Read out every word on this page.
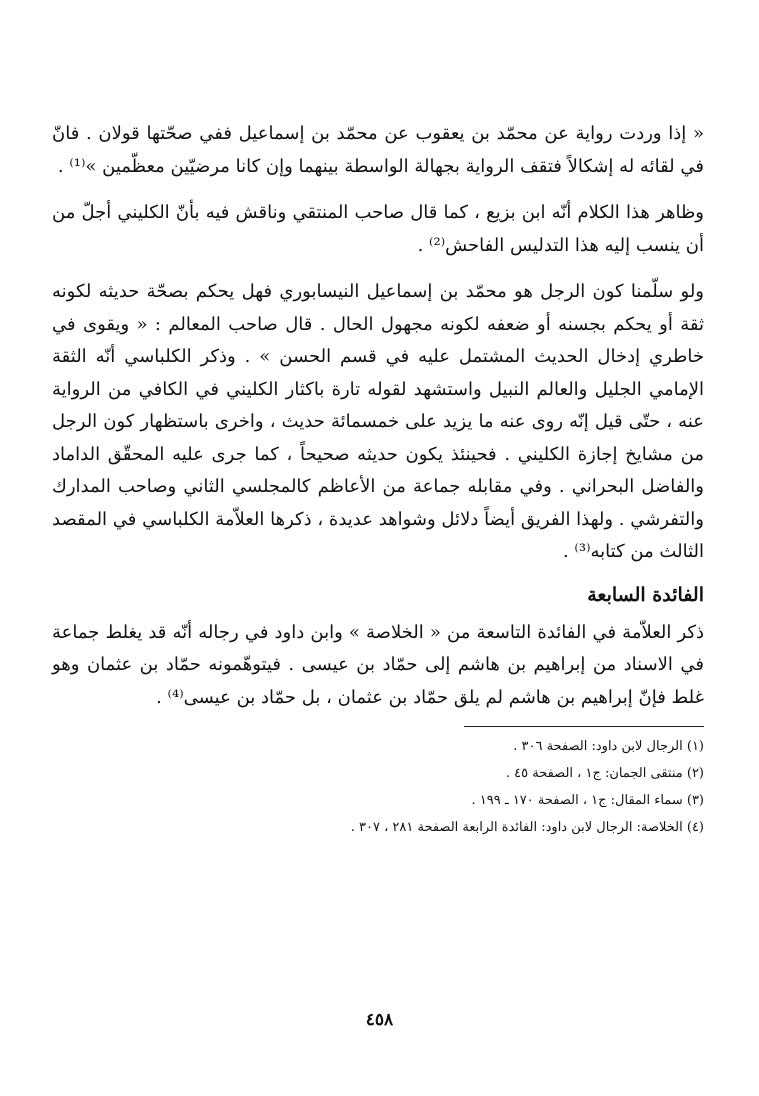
« إذا وردت رواية عن محمّد بن يعقوب عن محمّد بن إسماعيل ففي صحّتها قولان . فانّ في لقائه له إشكالاً فتقف الرواية بجهالة الواسطة بينهما وإن كانا مرضيّين معظّمين »⁽¹⁾ .

وظاهر هذا الكلام أنّه ابن بزيع ، كما قال صاحب المنتقي وناقش فيه بأنّ الكليني أجلّ من أن ينسب إليه هذا التدليس الفاحش⁽²⁾ .

ولو سلّمنا كون الرجل هو محمّد بن إسماعيل النيسابوري فهل يحكم بصحّة حديثه لكونه ثقة أو يحكم بجسنه أو ضعفه لكونه مجهول الحال . قال صاحب المعالم : « ويقوى في خاطري إدخال الحديث المشتمل عليه في قسم الحسن » . وذكر الكلباسي أنّه الثقة الإمامي الجليل والعالم النبيل واستشهد لقوله تارة باكثار الكليني في الكافي من الرواية عنه ، حتّى قيل إنّه روى عنه ما يزيد على خمسمائة حديث ، واخرى باستظهار كون الرجل من مشايخ إجازة الكليني . فحينئذ يكون حديثه صحيحاً ، كما جرى عليه المحقّق الداماد والفاضل البحراني . وفي مقابله جماعة من الأعاظم كالمجلسي الثاني وصاحب المدارك والتفرشي . ولهذا الفريق أيضاً دلائل وشواهد عديدة ، ذكرها العلاّمة الكلباسي في المقصد الثالث من كتابه⁽³⁾ .

الفائدة السابعة

ذكر العلاّمة في الفائدة التاسعة من « الخلاصة » وابن داود في رجاله أنّه قد يغلط جماعة في الاسناد من إبراهيم بن هاشم إلى حمّاد بن عيسى . فيتوهّمونه حمّاد بن عثمان وهو غلط فإنّ إبراهيم بن هاشم لم يلق حمّاد بن عثمان ، بل حمّاد بن عيسى⁽⁴⁾ .

(١) الرجال لابن داود: الصفحة ٣٠٦ .
(٢) منتقى الجمان: ج١ ، الصفحة ٤٥ .
(٣) سماء المقال: ج١ ، الصفحة ١٧٠ ـ ١٩٩ .
(٤) الخلاصة: الرجال لابن داود: الفائدة الرابعة الصفحة ٢٨١ ، ٣٠٧ .
٤٥٨
